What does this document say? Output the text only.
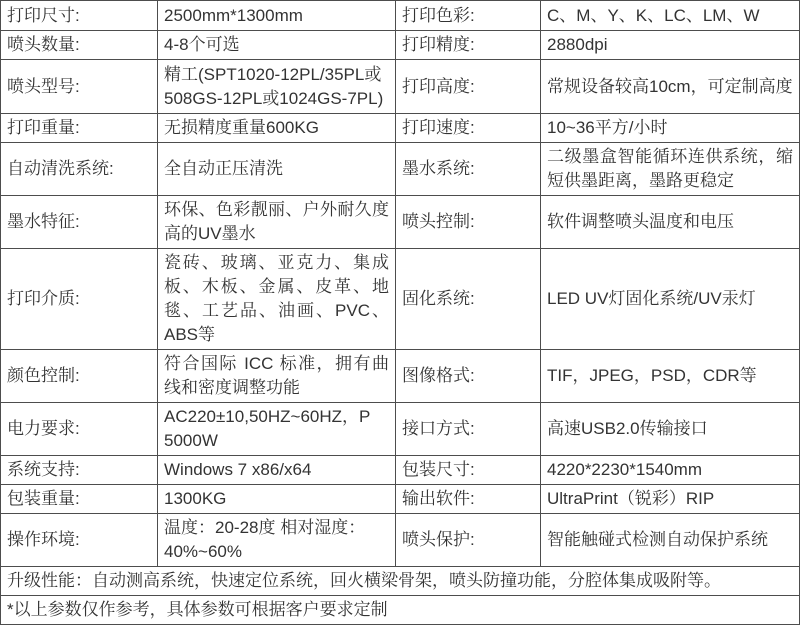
打印尺寸:	2500mm*1300mm	打印色彩:	C、M、Y、K、LC、LM、W
喷头数量:	4-8个可选	打印精度:	2880dpi
喷头型号:	精工(SPT1020-12PL/35PL或508GS-12PL或1024GS-7PL)	打印高度:	常规设备较高10cm，可定制高度
打印重量:	无损精度重量600KG	打印速度:	10~36平方/小时
自动清洗系统:	全自动正压清洗	墨水系统:	二级墨盒智能循环连供系统，缩短供墨距离，墨路更稳定
墨水特征:	环保、色彩靓丽、户外耐久度高的UV墨水	喷头控制:	软件调整喷头温度和电压
打印介质:	瓷砖、玻璃、亚克力、集成板、木板、金属、皮革、地毯、工艺品、油画、PVC、ABS等	固化系统:	LED UV灯固化系统/UV汞灯
颜色控制:	符合国际 ICC 标准，拥有曲线和密度调整功能	图像格式:	TIF，JPEG，PSD，CDR等
电力要求:	AC220±10,50HZ~60HZ，P 5000W	接口方式:	高速USB2.0传输接口
系统支持:	Windows 7 x86/x64	包装尺寸:	4220*2230*1540mm
包装重量:	1300KG	输出软件:	UltraPrint（锐彩）RIP
操作环境:	温度：20-28度 相对湿度：40%~60%	喷头保护:	智能触碰式检测自动保护系统
升级性能：自动测高系统，快速定位系统，回火横梁骨架，喷头防撞功能，分腔体集成吸附等。			
*以上参数仅作参考，具体参数可根据客户要求定制			
